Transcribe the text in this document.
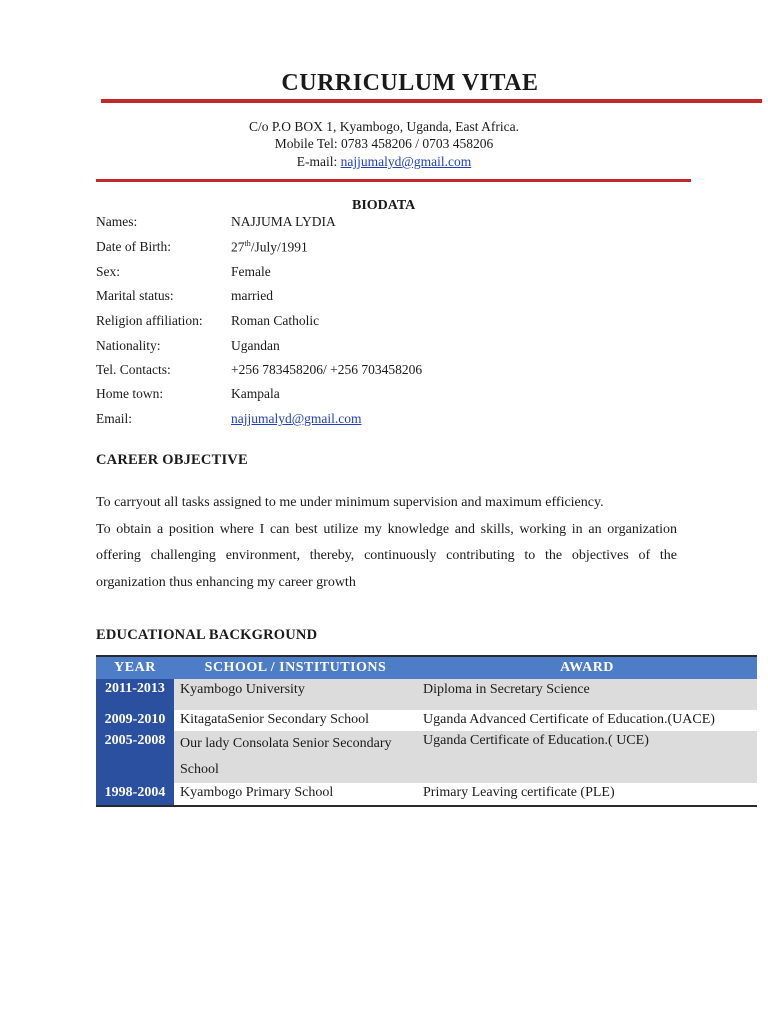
CURRICULUM VITAE
C/o P.O BOX 1, Kyambogo, Uganda, East Africa.
Mobile Tel: 0783 458206 / 0703 458206
E-mail: najjumalyd@gmail.com
BIODATA
Names:	NAJJUMA LYDIA
Date of Birth:	27th/July/1991
Sex:	Female
Marital status:	married
Religion affiliation:	Roman Catholic
Nationality:	Ugandan
Tel. Contacts:	+256 783458206/ +256 703458206
Home town:	Kampala
Email:	najjumalyd@gmail.com
CAREER OBJECTIVE

To carryout all tasks assigned to me under minimum supervision and maximum efficiency.

To obtain a position where I can best utilize my knowledge and skills, working in an organization offering challenging environment, thereby, continuously contributing to the objectives of the organization thus enhancing my career growth

EDUCATIONAL BACKGROUND
YEAR	SCHOOL / INSTITUTIONS	AWARD
2011-2013	Kyambogo University	Diploma in Secretary Science
2009-2010	KitagataSenior Secondary School	Uganda Advanced Certificate of Education.(UACE)
2005-2008	Our lady Consolata Senior Secondary School	Uganda Certificate of Education.( UCE)
1998-2004	Kyambogo Primary School	Primary Leaving certificate (PLE)
